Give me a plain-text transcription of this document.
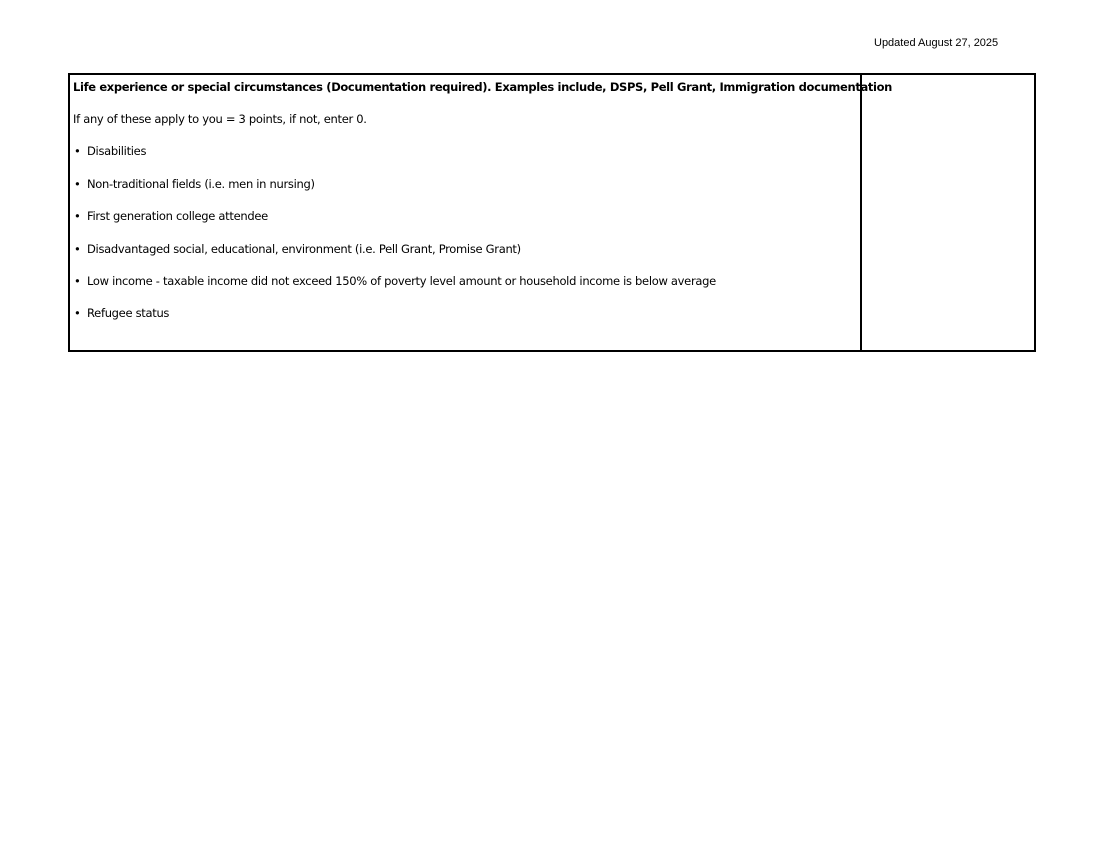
Updated August 27, 2025

Life experience or special circumstances (Documentation required). Examples include, DSPS, Pell Grant, Immigration documentation

If any of these apply to you = 3 points, if not, enter 0.

• Disabilities
• Non-traditional fields (i.e. men in nursing)
• First generation college attendee
• Disadvantaged social, educational, environment (i.e. Pell Grant, Promise Grant)
• Low income - taxable income did not exceed 150% of poverty level amount or household income is below average
• Refugee status
